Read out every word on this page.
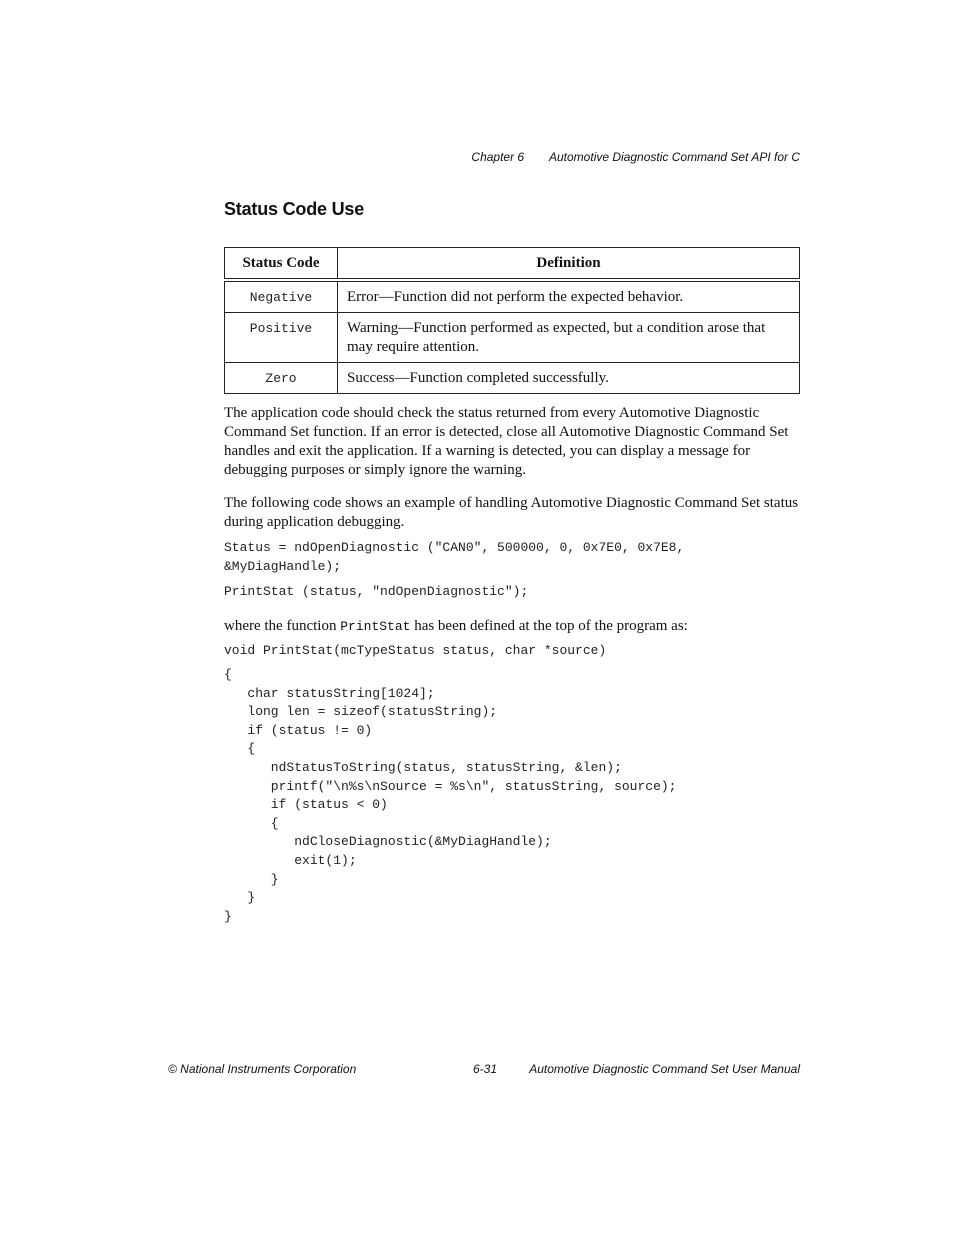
Chapter 6 Automotive Diagnostic Command Set API for C
Status Code Use
Status Code	Definition
Negative	Error—Function did not perform the expected behavior.
Positive	Warning—Function performed as expected, but a condition arose that may require attention.
Zero	Success—Function completed successfully.
The application code should check the status returned from every Automotive Diagnostic Command Set function. If an error is detected, close all Automotive Diagnostic Command Set handles and exit the application. If a warning is detected, you can display a message for debugging purposes or simply ignore the warning.
The following code shows an example of handling Automotive Diagnostic Command Set status during application debugging.
Status = ndOpenDiagnostic ("CAN0", 500000, 0, 0x7E0, 0x7E8,
&MyDiagHandle);
PrintStat (status, "ndOpenDiagnostic");
where the function PrintStat has been defined at the top of the program as:
void PrintStat(mcTypeStatus status, char *source)
{
char statusString[1024];
long len = sizeof(statusString);
if (status != 0)
{
ndStatusToString(status, statusString, &len);
printf("\n%s\nSource = %s\n", statusString, source);
if (status < 0)
{
ndCloseDiagnostic(&MyDiagHandle);
exit(1);
}
}
}
© National Instruments Corporation	6-31	Automotive Diagnostic Command Set User Manual
